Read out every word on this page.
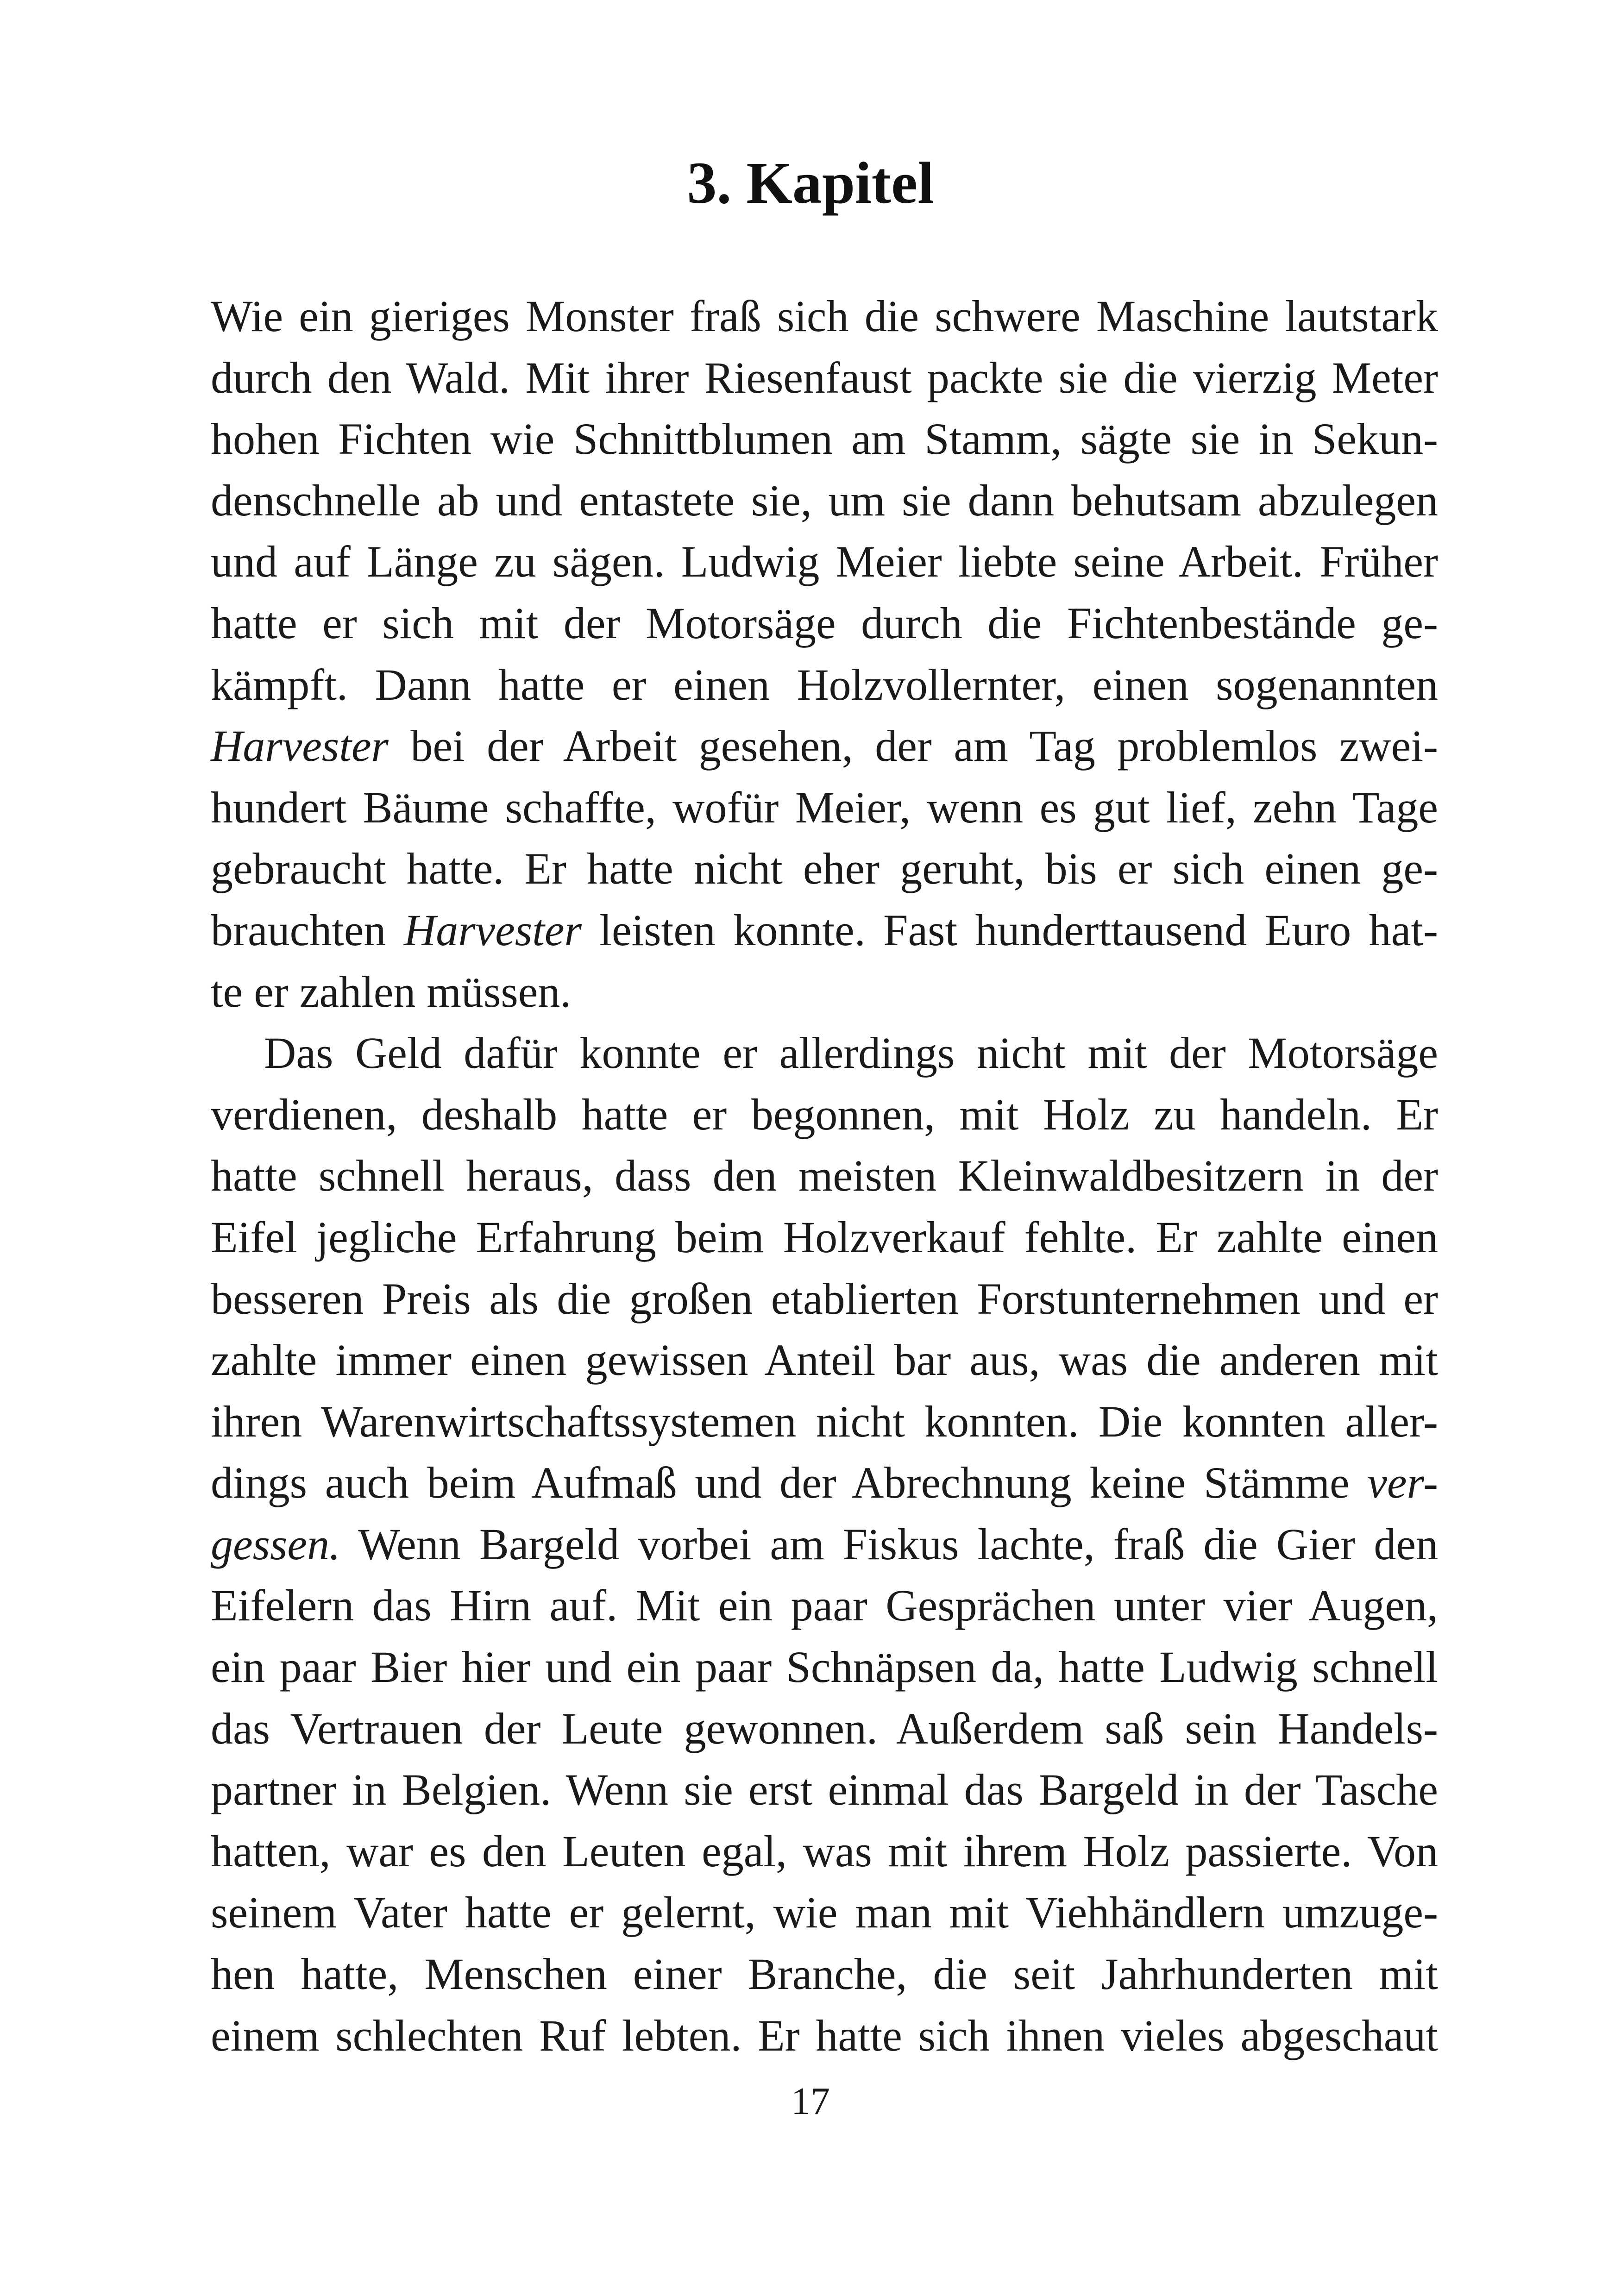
3. Kapitel
Wie ein gieriges Monster fraß sich die schwere Maschine lautstark
durch den Wald. Mit ihrer Riesenfaust packte sie die vierzig Meter
hohen Fichten wie Schnittblumen am Stamm, sägte sie in Sekun-
denschnelle ab und entastete sie, um sie dann behutsam abzulegen
und auf Länge zu sägen. Ludwig Meier liebte seine Arbeit. Früher
hatte er sich mit der Motorsäge durch die Fichtenbestände ge-
kämpft. Dann hatte er einen Holzvollernter, einen sogenannten
Harvester bei der Arbeit gesehen, der am Tag problemlos zwei-
hundert Bäume schaffte, wofür Meier, wenn es gut lief, zehn Tage
gebraucht hatte. Er hatte nicht eher geruht, bis er sich einen ge-
brauchten Harvester leisten konnte. Fast hunderttausend Euro hat-
te er zahlen müssen.
Das Geld dafür konnte er allerdings nicht mit der Motorsäge
verdienen, deshalb hatte er begonnen, mit Holz zu handeln. Er
hatte schnell heraus, dass den meisten Kleinwaldbesitzern in der
Eifel jegliche Erfahrung beim Holzverkauf fehlte. Er zahlte einen
besseren Preis als die großen etablierten Forstunternehmen und er
zahlte immer einen gewissen Anteil bar aus, was die anderen mit
ihren Warenwirtschaftssystemen nicht konnten. Die konnten aller-
dings auch beim Aufmaß und der Abrechnung keine Stämme ver-
gessen. Wenn Bargeld vorbei am Fiskus lachte, fraß die Gier den
Eifelern das Hirn auf. Mit ein paar Gesprächen unter vier Augen,
ein paar Bier hier und ein paar Schnäpsen da, hatte Ludwig schnell
das Vertrauen der Leute gewonnen. Außerdem saß sein Handels-
partner in Belgien. Wenn sie erst einmal das Bargeld in der Tasche
hatten, war es den Leuten egal, was mit ihrem Holz passierte. Von
seinem Vater hatte er gelernt, wie man mit Viehhändlern umzuge-
hen hatte, Menschen einer Branche, die seit Jahrhunderten mit
einem schlechten Ruf lebten. Er hatte sich ihnen vieles abgeschaut
17
